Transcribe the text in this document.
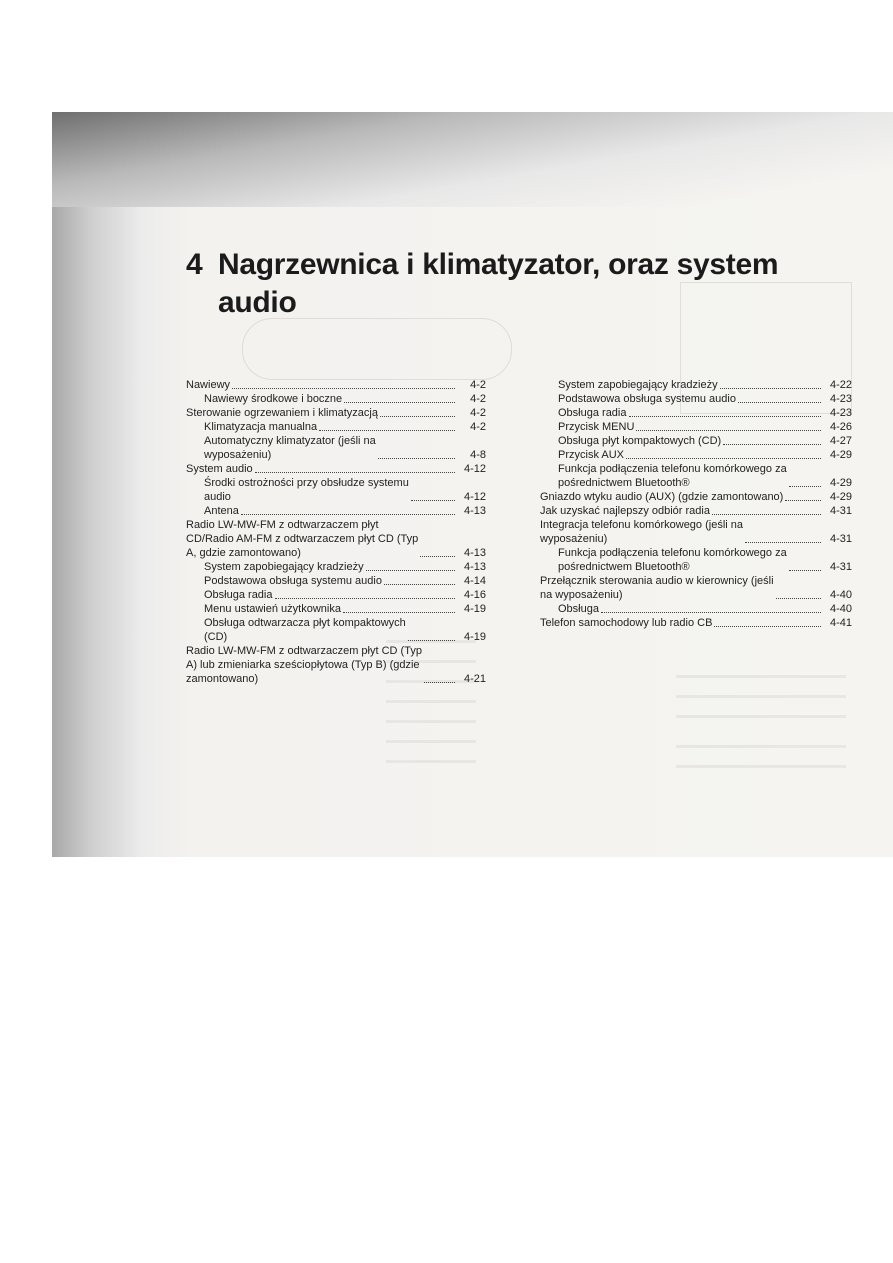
4 Nagrzewnica i klimatyzator, oraz system audio
Nawiewy	4-2
Nawiewy środkowe i boczne	4-2
Sterowanie ogrzewaniem i klimatyzacją	4-2
Klimatyzacja manualna	4-2
Automatyczny klimatyzator (jeśli na
wyposażeniu)	4-8
System audio	4-12
Środki ostrożności przy obsłudze systemu
audio	4-12
Antena	4-13
Radio LW-MW-FM z odtwarzaczem płyt
CD/Radio AM-FM z odtwarzaczem płyt CD (Typ
A, gdzie zamontowano)	4-13
System zapobiegający kradzieży	4-13
Podstawowa obsługa systemu audio	4-14
Obsługa radia	4-16
Menu ustawień użytkownika	4-19
Obsługa odtwarzacza płyt kompaktowych
(CD)	4-19
Radio LW-MW-FM z odtwarzaczem płyt CD (Typ
A) lub zmieniarka sześciopłytowa (Typ B) (gdzie
zamontowano)	4-21
System zapobiegający kradzieży	4-22
Podstawowa obsługa systemu audio	4-23
Obsługa radia	4-23
Przycisk MENU	4-26
Obsługa płyt kompaktowych (CD)	4-27
Przycisk AUX	4-29
Funkcja podłączenia telefonu komórkowego za
pośrednictwem Bluetooth®	4-29
Gniazdo wtyku audio (AUX) (gdzie zamontowano)	4-29
Jak uzyskać najlepszy odbiór radia	4-31
Integracja telefonu komórkowego (jeśli na
wyposażeniu)	4-31
Funkcja podłączenia telefonu komórkowego za
pośrednictwem Bluetooth®	4-31
Przełącznik sterowania audio w kierownicy (jeśli
na wyposażeniu)	4-40
Obsługa	4-40
Telefon samochodowy lub radio CB	4-41
